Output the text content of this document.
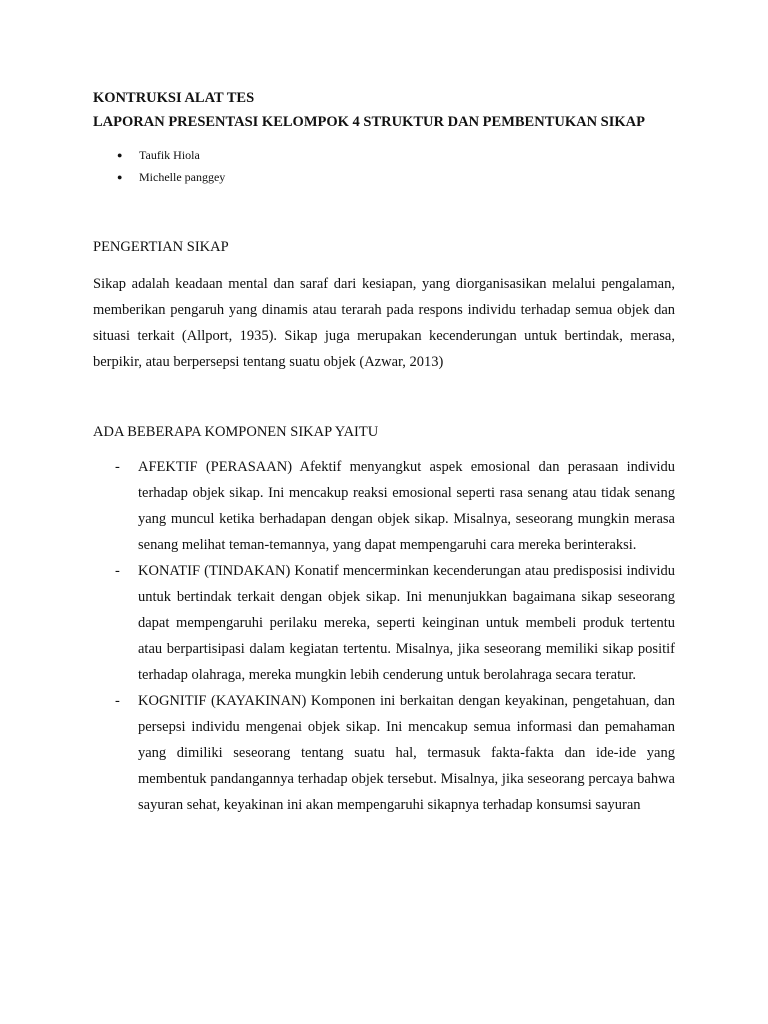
KONTRUKSI ALAT TES

LAPORAN PRESENTASI KELOMPOK 4 STRUKTUR DAN PEMBENTUKAN SIKAP

● Taufik Hiola
● Michelle panggey
PENGERTIAN SIKAP

Sikap adalah keadaan mental dan saraf dari kesiapan, yang diorganisasikan melalui pengalaman, memberikan pengaruh yang dinamis atau terarah pada respons individu terhadap semua objek dan situasi terkait (Allport, 1935). Sikap juga merupakan kecenderungan untuk bertindak, merasa, berpikir, atau berpersepsi tentang suatu objek (Azwar, 2013)

ADA BEBERAPA KOMPONEN SIKAP YAITU
- AFEKTIF (PERASAAN) Afektif menyangkut aspek emosional dan perasaan individu terhadap objek sikap. Ini mencakup reaksi emosional seperti rasa senang atau tidak senang yang muncul ketika berhadapan dengan objek sikap. Misalnya, seseorang mungkin merasa senang melihat teman-temannya, yang dapat mempengaruhi cara mereka berinteraksi.
- KONATIF (TINDAKAN) Konatif mencerminkan kecenderungan atau predisposisi individu untuk bertindak terkait dengan objek sikap. Ini menunjukkan bagaimana sikap seseorang dapat mempengaruhi perilaku mereka, seperti keinginan untuk membeli produk tertentu atau berpartisipasi dalam kegiatan tertentu. Misalnya, jika seseorang memiliki sikap positif terhadap olahraga, mereka mungkin lebih cenderung untuk berolahraga secara teratur.
- KOGNITIF (KAYAKINAN) Komponen ini berkaitan dengan keyakinan, pengetahuan, dan persepsi individu mengenai objek sikap. Ini mencakup semua informasi dan pemahaman yang dimiliki seseorang tentang suatu hal, termasuk fakta-fakta dan ide-ide yang membentuk pandangannya terhadap objek tersebut. Misalnya, jika seseorang percaya bahwa sayuran sehat, keyakinan ini akan mempengaruhi sikapnya terhadap konsumsi sayuran
